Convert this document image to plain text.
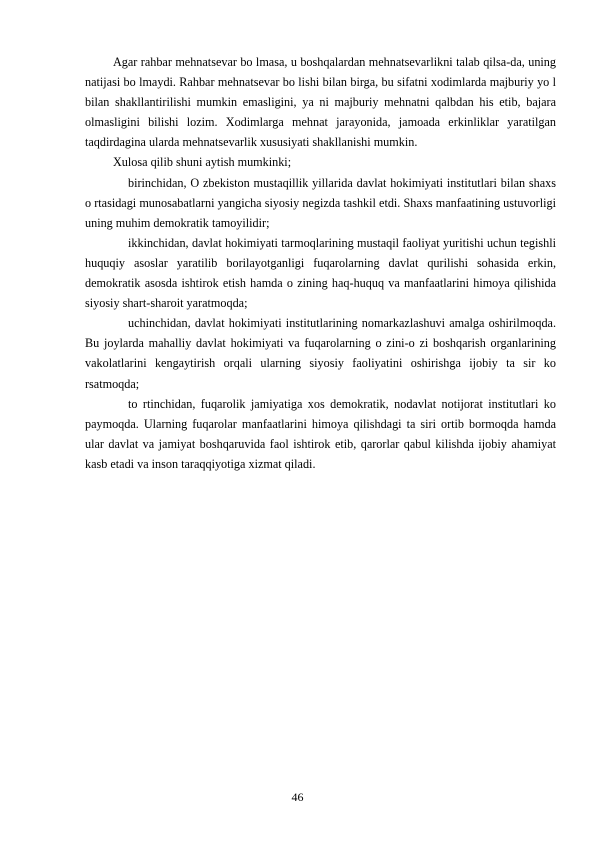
Agar rahbar mehnatsevar bo lmasa, u boshqalardan mehnatsevarlikni talab qilsa-da, uning natijasi bo lmaydi. Rahbar mehnatsevar bo lishi bilan birga, bu sifatni xodimlarda majburiy yo l bilan shakllantirilishi mumkin emasligini, ya ni majburiy mehnatni qalbdan his etib, bajara olmasligini bilishi lozim. Xodimlarga mehnat jarayonida, jamoada erkinliklar yaratilgan taqdirdagina ularda mehnatsevarlik xususiyati shakllanishi mumkin.

Xulosa qilib shuni aytish mumkinki;

birinchidan, O zbekiston mustaqillik yillarida davlat hokimiyati institutlari bilan shaxs o rtasidagi munosabatlarni yangicha siyosiy negizda tashkil etdi. Shaxs manfaatining ustuvorligi uning muhim demokratik tamoyilidir;

ikkinchidan, davlat hokimiyati tarmoqlarining mustaqil faoliyat yuritishi uchun tegishli huquqiy asoslar yaratilib borilayotganligi fuqarolarning davlat qurilishi sohasida erkin, demokratik asosda ishtirok etish hamda o zining haq-huquq va manfaatlarini himoya qilishida siyosiy shart-sharoit yaratmoqda;

uchinchidan, davlat hokimiyati institutlarining nomarkazlashuvi amalga oshirilmoqda. Bu joylarda mahalliy davlat hokimiyati va fuqarolarning o zini-o zi boshqarish organlarining vakolatlarini kengaytirish orqali ularning siyosiy faoliyatini oshirishga ijobiy ta sir ko rsatmoqda;

to rtinchidan, fuqarolik jamiyatiga xos demokratik, nodavlat notijorat institutlari ko paymoqda. Ularning fuqarolar manfaatlarini himoya qilishdagi ta siri ortib bormoqda hamda ular davlat va jamiyat boshqaruvida faol ishtirok etib, qarorlar qabul kilishda ijobiy ahamiyat kasb etadi va inson taraqqiyotiga xizmat qiladi.

46
